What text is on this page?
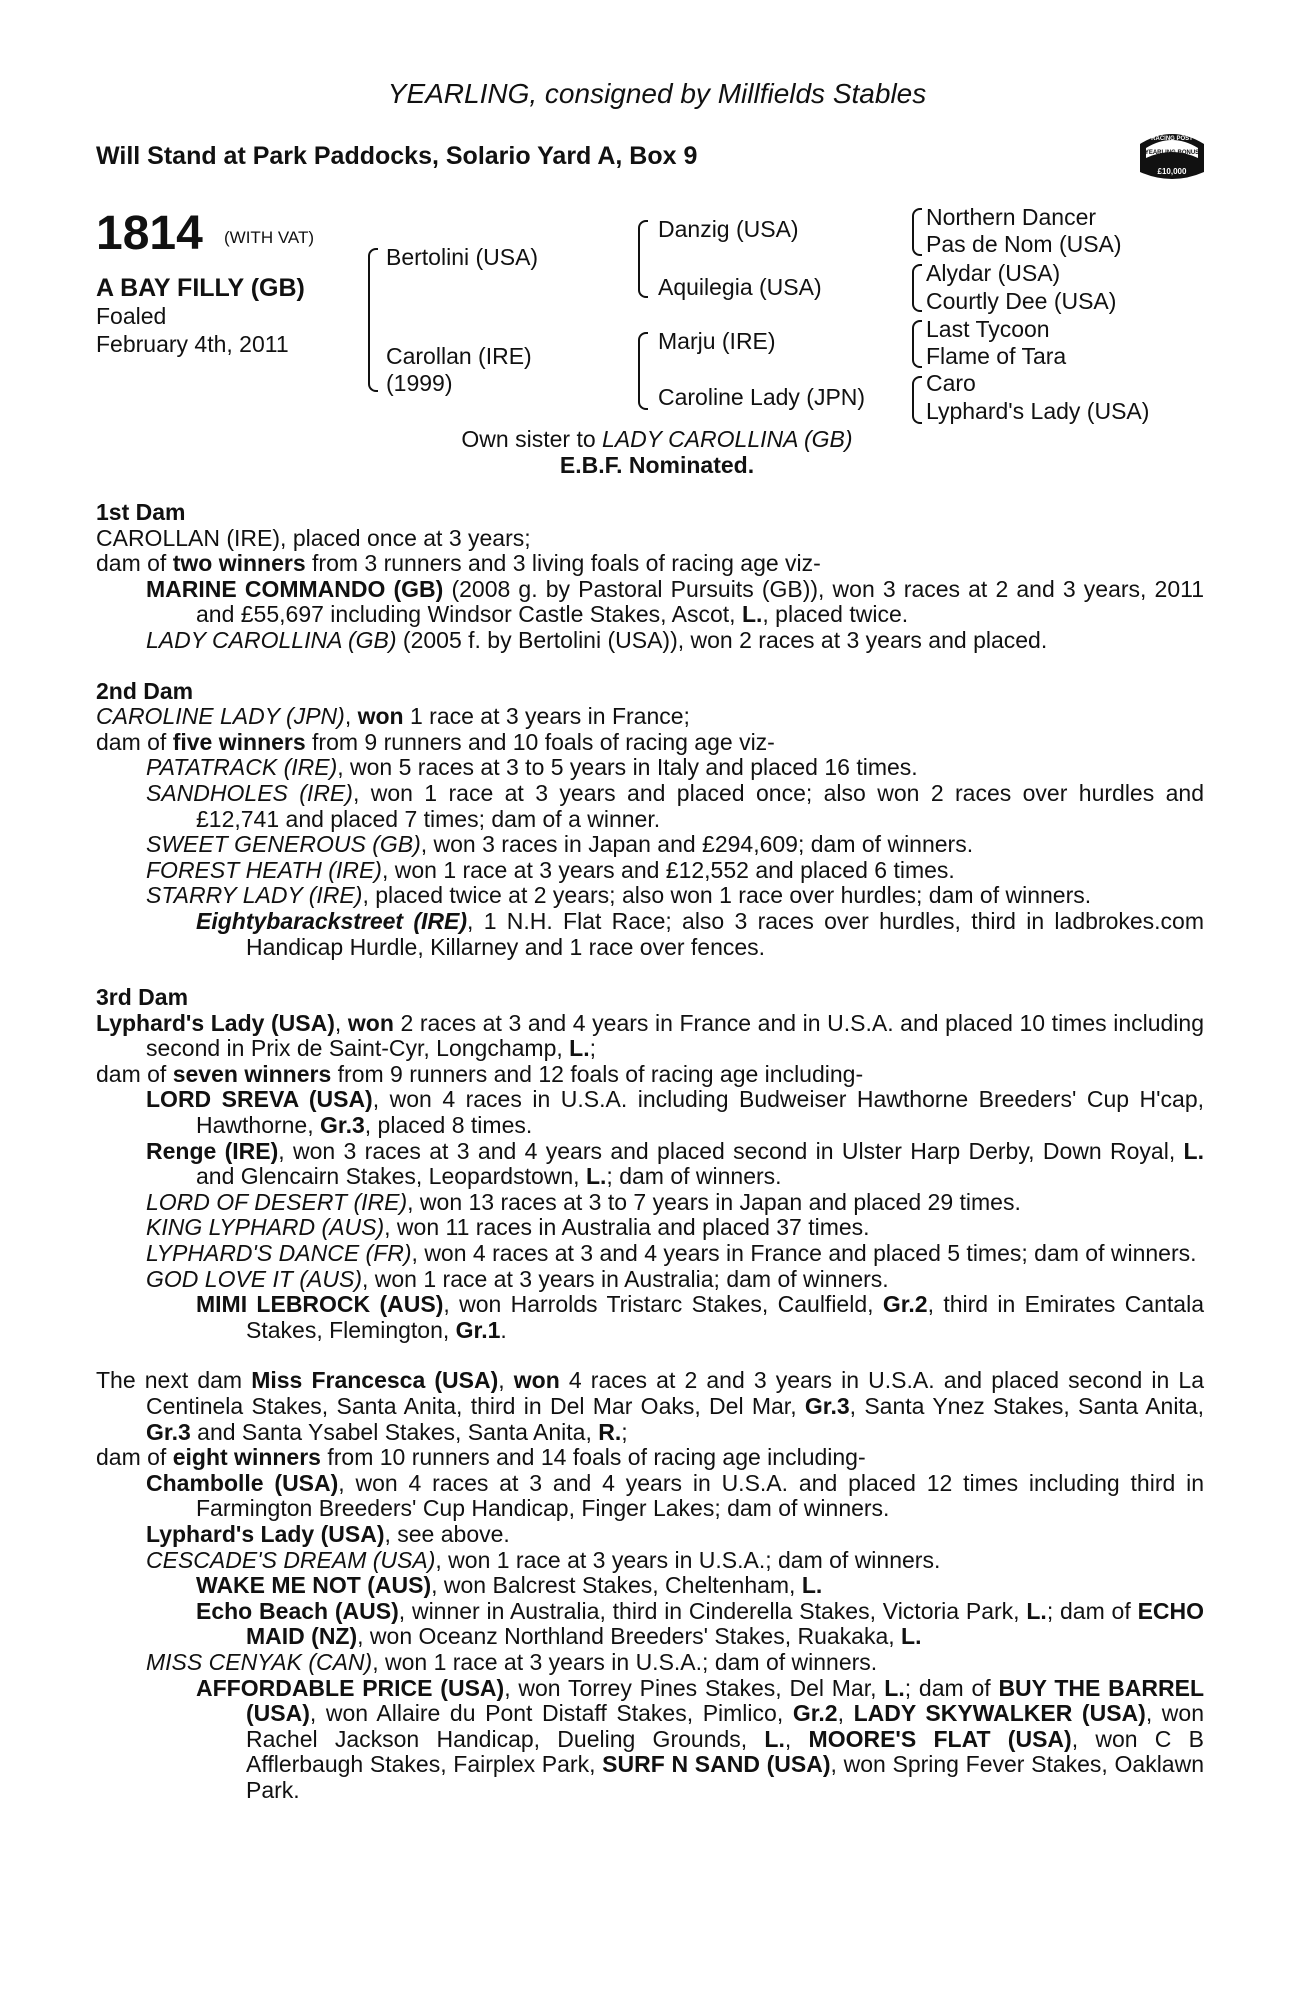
YEARLING, consigned by Millfields Stables
Will Stand at Park Paddocks, Solario Yard A, Box 9
RACING POST
YEARLING BONUS
£10,000
1814 (WITH VAT)
A BAY FILLY (GB)
Foaled
February 4th, 2011
Bertolini (USA)
Carollan (IRE)
(1999)
Danzig (USA)
Aquilegia (USA)
Marju (IRE)
Caroline Lady (JPN)
Northern Dancer
Pas de Nom (USA)
Alydar (USA)
Courtly Dee (USA)
Last Tycoon
Flame of Tara
Caro
Lyphard's Lady (USA)
Own sister to LADY CAROLLINA (GB)
E.B.F. Nominated.
1st Dam

CAROLLAN (IRE), placed once at 3 years;

dam of two winners from 3 runners and 3 living foals of racing age viz-

MARINE COMMANDO (GB) (2008 g. by Pastoral Pursuits (GB)), won 3 races at 2 and 3 years, 2011 and £55,697 including Windsor Castle Stakes, Ascot, L., placed twice.

LADY CAROLLINA (GB) (2005 f. by Bertolini (USA)), won 2 races at 3 years and placed.

2nd Dam

CAROLINE LADY (JPN), won 1 race at 3 years in France;

dam of five winners from 9 runners and 10 foals of racing age viz-

PATATRACK (IRE), won 5 races at 3 to 5 years in Italy and placed 16 times.

SANDHOLES (IRE), won 1 race at 3 years and placed once; also won 2 races over hurdles and £12,741 and placed 7 times; dam of a winner.

SWEET GENEROUS (GB), won 3 races in Japan and £294,609; dam of winners.

FOREST HEATH (IRE), won 1 race at 3 years and £12,552 and placed 6 times.

STARRY LADY (IRE), placed twice at 2 years; also won 1 race over hurdles; dam of winners.

Eightybarackstreet (IRE), 1 N.H. Flat Race; also 3 races over hurdles, third in ladbrokes.com Handicap Hurdle, Killarney and 1 race over fences.

3rd Dam

Lyphard's Lady (USA), won 2 races at 3 and 4 years in France and in U.S.A. and placed 10 times including second in Prix de Saint-Cyr, Longchamp, L.;

dam of seven winners from 9 runners and 12 foals of racing age including-

LORD SREVA (USA), won 4 races in U.S.A. including Budweiser Hawthorne Breeders' Cup H'cap, Hawthorne, Gr.3, placed 8 times.

Renge (IRE), won 3 races at 3 and 4 years and placed second in Ulster Harp Derby, Down Royal, L. and Glencairn Stakes, Leopardstown, L.; dam of winners.

LORD OF DESERT (IRE), won 13 races at 3 to 7 years in Japan and placed 29 times.

KING LYPHARD (AUS), won 11 races in Australia and placed 37 times.

LYPHARD'S DANCE (FR), won 4 races at 3 and 4 years in France and placed 5 times; dam of winners.

GOD LOVE IT (AUS), won 1 race at 3 years in Australia; dam of winners.

MIMI LEBROCK (AUS), won Harrolds Tristarc Stakes, Caulfield, Gr.2, third in Emirates Cantala Stakes, Flemington, Gr.1.

The next dam Miss Francesca (USA), won 4 races at 2 and 3 years in U.S.A. and placed second in La Centinela Stakes, Santa Anita, third in Del Mar Oaks, Del Mar, Gr.3, Santa Ynez Stakes, Santa Anita, Gr.3 and Santa Ysabel Stakes, Santa Anita, R.;

dam of eight winners from 10 runners and 14 foals of racing age including-

Chambolle (USA), won 4 races at 3 and 4 years in U.S.A. and placed 12 times including third in Farmington Breeders' Cup Handicap, Finger Lakes; dam of winners.

Lyphard's Lady (USA), see above.

CESCADE'S DREAM (USA), won 1 race at 3 years in U.S.A.; dam of winners.

WAKE ME NOT (AUS), won Balcrest Stakes, Cheltenham, L.

Echo Beach (AUS), winner in Australia, third in Cinderella Stakes, Victoria Park, L.; dam of ECHO MAID (NZ), won Oceanz Northland Breeders' Stakes, Ruakaka, L.

MISS CENYAK (CAN), won 1 race at 3 years in U.S.A.; dam of winners.

AFFORDABLE PRICE (USA), won Torrey Pines Stakes, Del Mar, L.; dam of BUY THE BARREL (USA), won Allaire du Pont Distaff Stakes, Pimlico, Gr.2, LADY SKYWALKER (USA), won Rachel Jackson Handicap, Dueling Grounds, L., MOORE'S FLAT (USA), won C B Afflerbaugh Stakes, Fairplex Park, SURF N SAND (USA), won Spring Fever Stakes, Oaklawn Park.
